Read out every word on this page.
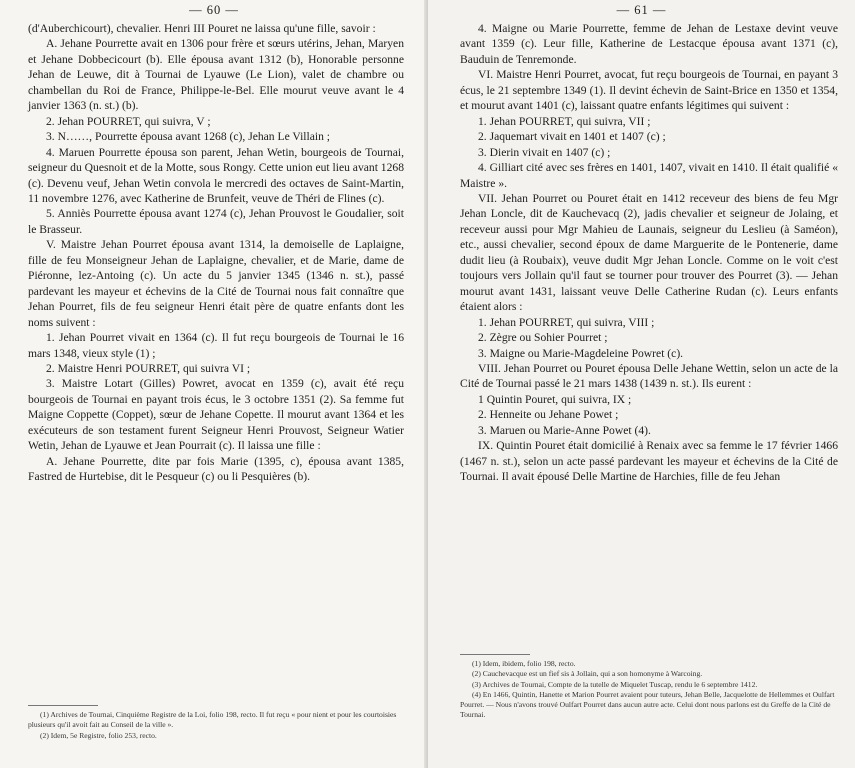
— 60 —

(d'Auberchicourt), chevalier. Henri III Pouret ne laissa qu'une fille, savoir :

A. Jehane Pourrette avait en 1306 pour frère et sœurs utérins, Jehan, Maryen et Jehane Dobbecicourt (b). Elle épousa avant 1312 (b), Honorable personne Jehan de Leuwe, dit à Tournai de Lyauwe (Le Lion), valet de chambre ou chambellan du Roi de France, Philippe-le-Bel. Elle mourut veuve avant le 4 janvier 1363 (n. st.) (b).

2. Jehan POURRET, qui suivra, V ;

3. N……, Pourrette épousa avant 1268 (c), Jehan Le Villain ;

4. Maruen Pourrette épousa son parent, Jehan Wetin, bourgeois de Tournai, seigneur du Quesnoit et de la Motte, sous Rongy. Cette union eut lieu avant 1268 (c). Devenu veuf, Jehan Wetin convola le mercredi des octaves de Saint-Martin, 11 novembre 1276, avec Katherine de Brunfeit, veuve de Théri de Flines (c).

5. Anniès Pourrette épousa avant 1274 (c), Jehan Prouvost le Goudalier, soit le Brasseur.

V. Maistre Jehan Pourret épousa avant 1314, la demoiselle de Laplaigne, fille de feu Monseigneur Jehan de Laplaigne, chevalier, et de Marie, dame de Piéronne, lez-Antoing (c). Un acte du 5 janvier 1345 (1346 n. st.), passé pardevant les mayeur et échevins de la Cité de Tournai nous fait connaître que Jehan Pourret, fils de feu seigneur Henri était père de quatre enfants dont les noms suivent :

1. Jehan Pourret vivait en 1364 (c). Il fut reçu bourgeois de Tournai le 16 mars 1348, vieux style (1) ;

2. Maistre Henri POURRET, qui suivra VI ;

3. Maistre Lotart (Gilles) Powret, avocat en 1359 (c), avait été reçu bourgeois de Tournai en payant trois écus, le 3 octobre 1351 (2). Sa femme fut Maigne Coppette (Coppet), sœur de Jehane Copette. Il mourut avant 1364 et les exécuteurs de son testament furent Seigneur Henri Prouvost, Seigneur Watier Wetin, Jehan de Lyauwe et Jean Pourrait (c). Il laissa une fille :

A. Jehane Pourrette, dite par fois Marie (1395, c), épousa avant 1385, Fastred de Hurtebise, dit le Pesqueur (c) ou li Pesquières (b).

(1) Archives de Tournai, Cinquième Registre de la Loi, folio 198, recto. Il fut reçu « pour nient et pour les courtoisies plusieurs qu'il avoit fait au Conseil de la ville ».

(2) Idem, 5e Registre, folio 253, recto.

— 61 —

4. Maigne ou Marie Pourrette, femme de Jehan de Lestaxe devint veuve avant 1359 (c). Leur fille, Katherine de Lestacque épousa avant 1371 (c), Bauduin de Tenremonde.

VI. Maistre Henri Pourret, avocat, fut reçu bourgeois de Tournai, en payant 3 écus, le 21 septembre 1349 (1). Il devint échevin de Saint-Brice en 1350 et 1354, et mourut avant 1401 (c), laissant quatre enfants légitimes qui suivent :

1. Jehan POURRET, qui suivra, VII ;

2. Jaquemart vivait en 1401 et 1407 (c) ;

3. Dierin vivait en 1407 (c) ;

4. Gilliart cité avec ses frères en 1401, 1407, vivait en 1410. Il était qualifié « Maistre ».

VII. Jehan Pourret ou Pouret était en 1412 receveur des biens de feu Mgr Jehan Loncle, dit de Kauchevacq (2), jadis chevalier et seigneur de Jolaing, et receveur aussi pour Mgr Mahieu de Launais, seigneur du Leslieu (à Saméon), etc., aussi chevalier, second époux de dame Marguerite de le Pontenerie, dame dudit lieu (à Roubaix), veuve dudit Mgr Jehan Loncle. Comme on le voit c'est toujours vers Jollain qu'il faut se tourner pour trouver des Pourret (3). — Jehan mourut avant 1431, laissant veuve Delle Catherine Rudan (c). Leurs enfants étaient alors :

1. Jehan POURRET, qui suivra, VIII ;

2. Zègre ou Sohier Pourret ;

3. Maigne ou Marie-Magdeleine Powret (c).

VIII. Jehan Pourret ou Pouret épousa Delle Jehane Wettin, selon un acte de la Cité de Tournai passé le 21 mars 1438 (1439 n. st.). Ils eurent :

1 Quintin Pouret, qui suivra, IX ;

2. Henneite ou Jehane Powet ;

3. Maruen ou Marie-Anne Powet (4).

IX. Quintin Pouret était domicilié à Renaix avec sa femme le 17 février 1466 (1467 n. st.), selon un acte passé pardevant les mayeur et échevins de la Cité de Tournai. Il avait épousé Delle Martine de Harchies, fille de feu Jehan

(1) Idem, ibidem, folio 198, recto.

(2) Cauchevacque est un fief sis à Jollain, qui a son homonyme à Warcoing.

(3) Archives de Tournai, Compte de la tutelle de Miquelet Tuscap, rendu le 6 septembre 1412.

(4) En 1466, Quintin, Hanette et Marion Pourret avaient pour tuteurs, Jehan Belle, Jacquelotte de Hellemmes et Oulfart Pourret. — Nous n'avons trouvé Oulfart Pourret dans aucun autre acte. Celui dont nous parlons est du Greffe de la Cité de Tournai.
